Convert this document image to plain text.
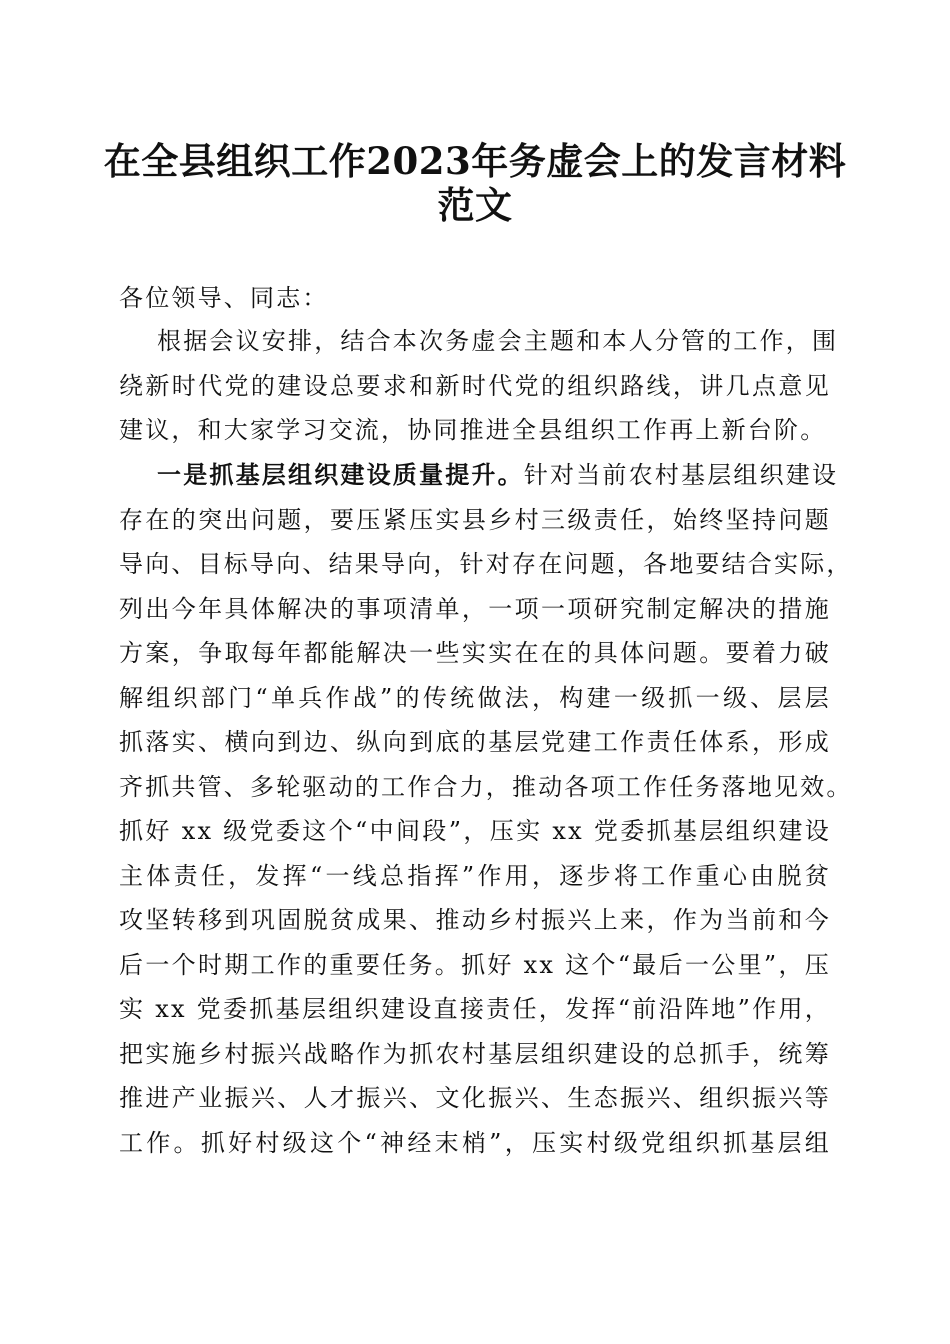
在全县组织工作2023年务虚会上的发言材料
范文
各位领导、同志：
根据会议安排，结合本次务虚会主题和本人分管的工作，围
绕新时代党的建设总要求和新时代党的组织路线，讲几点意见
建议，和大家学习交流，协同推进全县组织工作再上新台阶。
一是抓基层组织建设质量提升。针对当前农村基层组织建设
存在的突出问题，要压紧压实县乡村三级责任，始终坚持问题
导向、目标导向、结果导向，针对存在问题，各地要结合实际，
列出今年具体解决的事项清单，一项一项研究制定解决的措施
方案，争取每年都能解决一些实实在在的具体问题。要着力破
解组织部门“单兵作战”的传统做法，构建一级抓一级、层层
抓落实、横向到边、纵向到底的基层党建工作责任体系，形成
齐抓共管、多轮驱动的工作合力，推动各项工作任务落地见效。
抓好 xx 级党委这个“中间段”，压实 xx 党委抓基层组织建设
主体责任，发挥“一线总指挥”作用，逐步将工作重心由脱贫
攻坚转移到巩固脱贫成果、推动乡村振兴上来，作为当前和今
后一个时期工作的重要任务。抓好 xx 这个“最后一公里”，压
实 xx 党委抓基层组织建设直接责任，发挥“前沿阵地”作用，
把实施乡村振兴战略作为抓农村基层组织建设的总抓手，统筹
推进产业振兴、人才振兴、文化振兴、生态振兴、组织振兴等
工作。抓好村级这个“神经末梢”，压实村级党组织抓基层组
